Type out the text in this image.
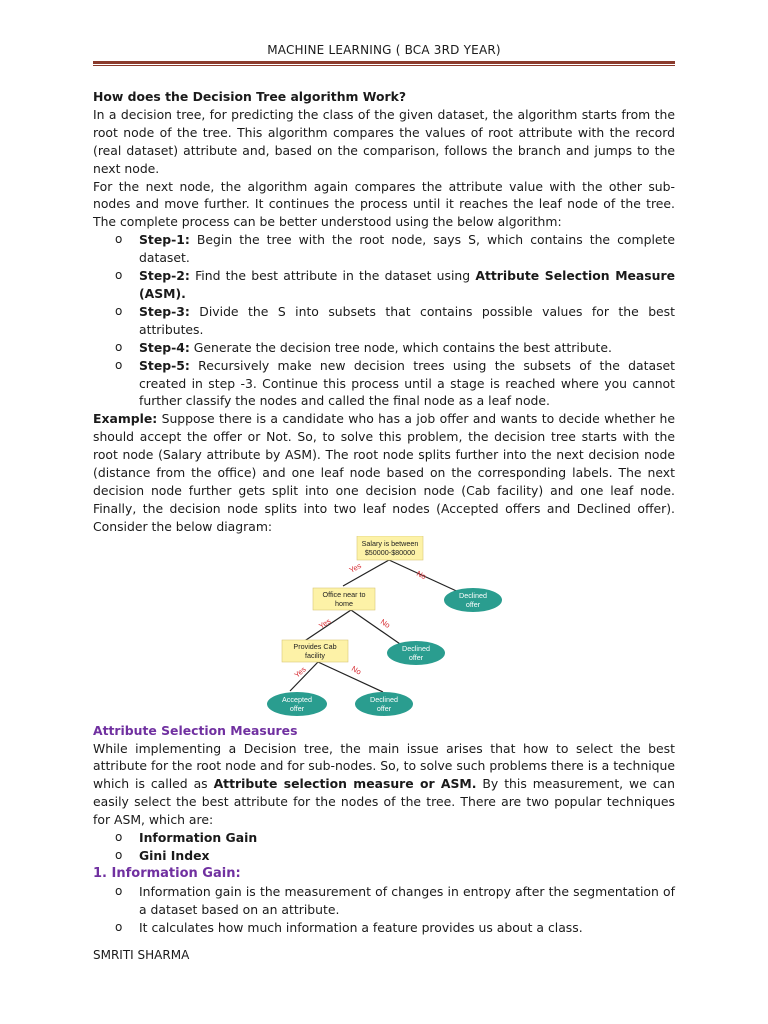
MACHINE LEARNING ( BCA 3RD YEAR)

How does the Decision Tree algorithm Work?

In a decision tree, for predicting the class of the given dataset, the algorithm starts from the root node of the tree. This algorithm compares the values of root attribute with the record (real dataset) attribute and, based on the comparison, follows the branch and jumps to the next node.

For the next node, the algorithm again compares the attribute value with the other sub-nodes and move further. It continues the process until it reaches the leaf node of the tree. The complete process can be better understood using the below algorithm:

o Step-1: Begin the tree with the root node, says S, which contains the complete dataset.
o Step-2: Find the best attribute in the dataset using Attribute Selection Measure (ASM).
o Step-3: Divide the S into subsets that contains possible values for the best attributes.
o Step-4: Generate the decision tree node, which contains the best attribute.
o Step-5: Recursively make new decision trees using the subsets of the dataset created in step -3. Continue this process until a stage is reached where you cannot further classify the nodes and called the final node as a leaf node.

Example: Suppose there is a candidate who has a job offer and wants to decide whether he should accept the offer or Not. So, to solve this problem, the decision tree starts with the root node (Salary attribute by ASM). The root node splits further into the next decision node (distance from the office) and one leaf node based on the corresponding labels. The next decision node further gets split into one decision node (Cab facility) and one leaf node. Finally, the decision node splits into two leaf nodes (Accepted offers and Declined offer). Consider the below diagram:

Yes
No
Yes	No
Yes	No
Salary is between
$50000-$80000
Office near to
home
Provides Cab
facility
Declined
offer
Declined
offer
Accepted
offer
Declined
offer

Attribute Selection Measures

While implementing a Decision tree, the main issue arises that how to select the best attribute for the root node and for sub-nodes. So, to solve such problems there is a technique which is called as Attribute selection measure or ASM. By this measurement, we can easily select the best attribute for the nodes of the tree. There are two popular techniques for ASM, which are:

o Information Gain
o Gini Index

1. Information Gain:

o Information gain is the measurement of changes in entropy after the segmentation of a dataset based on an attribute.
o It calculates how much information a feature provides us about a class.
SMRITI SHARMA
